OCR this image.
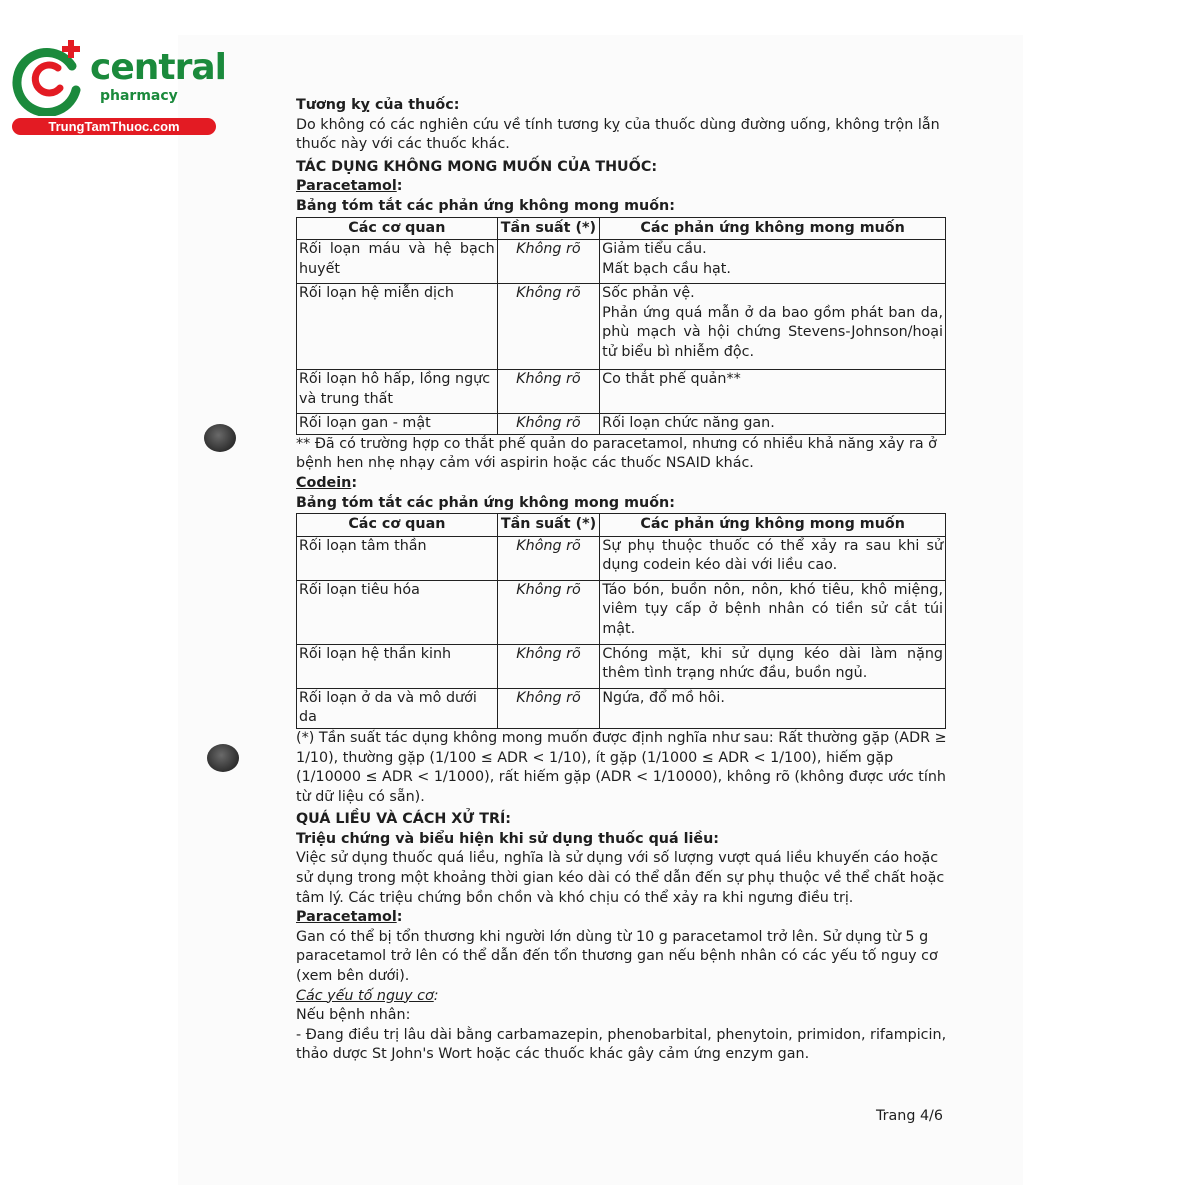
central
pharmacy
TrungTamThuoc.com

Tương kỵ của thuốc:

Do không có các nghiên cứu về tính tương kỵ của thuốc dùng đường uống, không trộn lẫn thuốc này với các thuốc khác.

TÁC DỤNG KHÔNG MONG MUỐN CỦA THUỐC:

Paracetamol:

Bảng tóm tắt các phản ứng không mong muốn:

Các cơ quan	Tần suất (*)	Các phản ứng không mong muốn
Rối loạn máu và hệ bạch huyết	Không rõ	Giảm tiểu cầu.
Mất bạch cầu hạt.

Rối loạn hệ miễn dịch	Không rõ	Sốc phản vệ.
Phản ứng quá mẫn ở da bao gồm phát ban da, phù mạch và hội chứng Stevens-Johnson/hoại tử biểu bì nhiễm độc.

Rối loạn hô hấp, lồng ngực và trung thất	Không rõ	Co thắt phế quản**

Rối loạn gan - mật	Không rõ	Rối loạn chức năng gan.

** Đã có trường hợp co thắt phế quản do paracetamol, nhưng có nhiều khả năng xảy ra ở bệnh hen nhẹ nhạy cảm với aspirin hoặc các thuốc NSAID khác.

Codein:

Bảng tóm tắt các phản ứng không mong muốn:

Các cơ quan	Tần suất (*)	Các phản ứng không mong muốn
Rối loạn tâm thần	Không rõ	Sự phụ thuộc thuốc có thể xảy ra sau khi sử dụng codein kéo dài với liều cao.
Rối loạn tiêu hóa	Không rõ	Táo bón, buồn nôn, nôn, khó tiêu, khô miệng, viêm tụy cấp ở bệnh nhân có tiền sử cắt túi mật.
Rối loạn hệ thần kinh	Không rõ	Chóng mặt, khi sử dụng kéo dài làm nặng thêm tình trạng nhức đầu, buồn ngủ.
Rối loạn ở da và mô dưới da	Không rõ	Ngứa, đổ mồ hôi.

(*) Tần suất tác dụng không mong muốn được định nghĩa như sau: Rất thường gặp (ADR ≥ 1/10), thường gặp (1/100 ≤ ADR < 1/10), ít gặp (1/1000 ≤ ADR < 1/100), hiếm gặp (1/10000 ≤ ADR < 1/1000), rất hiếm gặp (ADR < 1/10000), không rõ (không được ước tính từ dữ liệu có sẵn).

QUÁ LIỀU VÀ CÁCH XỬ TRÍ:

Triệu chứng và biểu hiện khi sử dụng thuốc quá liều:

Việc sử dụng thuốc quá liều, nghĩa là sử dụng với số lượng vượt quá liều khuyến cáo hoặc sử dụng trong một khoảng thời gian kéo dài có thể dẫn đến sự phụ thuộc về thể chất hoặc tâm lý. Các triệu chứng bồn chồn và khó chịu có thể xảy ra khi ngưng điều trị.

Paracetamol:

Gan có thể bị tổn thương khi người lớn dùng từ 10 g paracetamol trở lên. Sử dụng từ 5 g paracetamol trở lên có thể dẫn đến tổn thương gan nếu bệnh nhân có các yếu tố nguy cơ (xem bên dưới).

Các yếu tố nguy cơ:

Nếu bệnh nhân:

- Đang điều trị lâu dài bằng carbamazepin, phenobarbital, phenytoin, primidon, rifampicin, thảo dược St John's Wort hoặc các thuốc khác gây cảm ứng enzym gan.

Trang 4/6
